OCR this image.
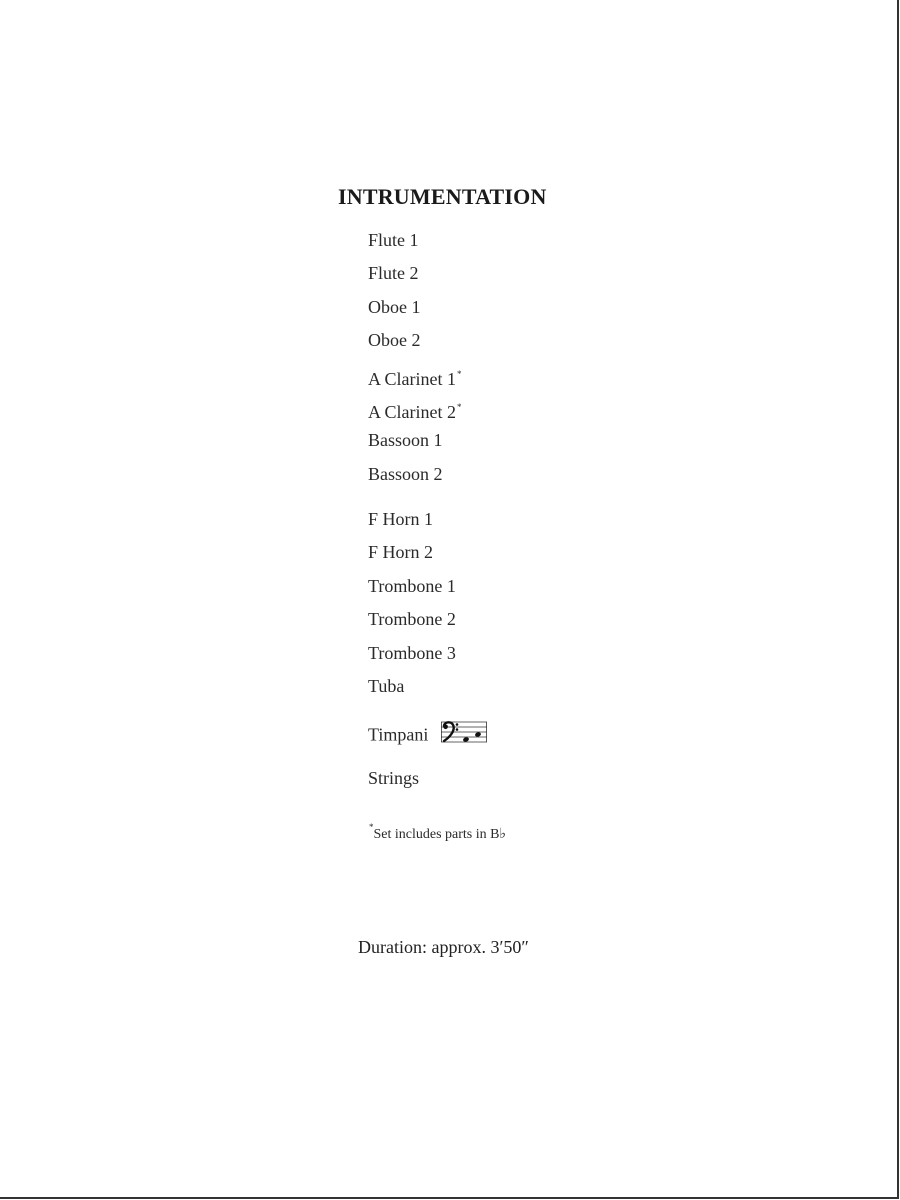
INTRUMENTATION
Flute 1
Flute 2
Oboe 1
Oboe 2
A Clarinet 1*
A Clarinet 2*
Bassoon 1
Bassoon 2
F Horn 1
F Horn 2
Trombone 1
Trombone 2
Trombone 3
Tuba
Timpani
Strings
*Set includes parts in B♭
Duration: approx. 3′50″
